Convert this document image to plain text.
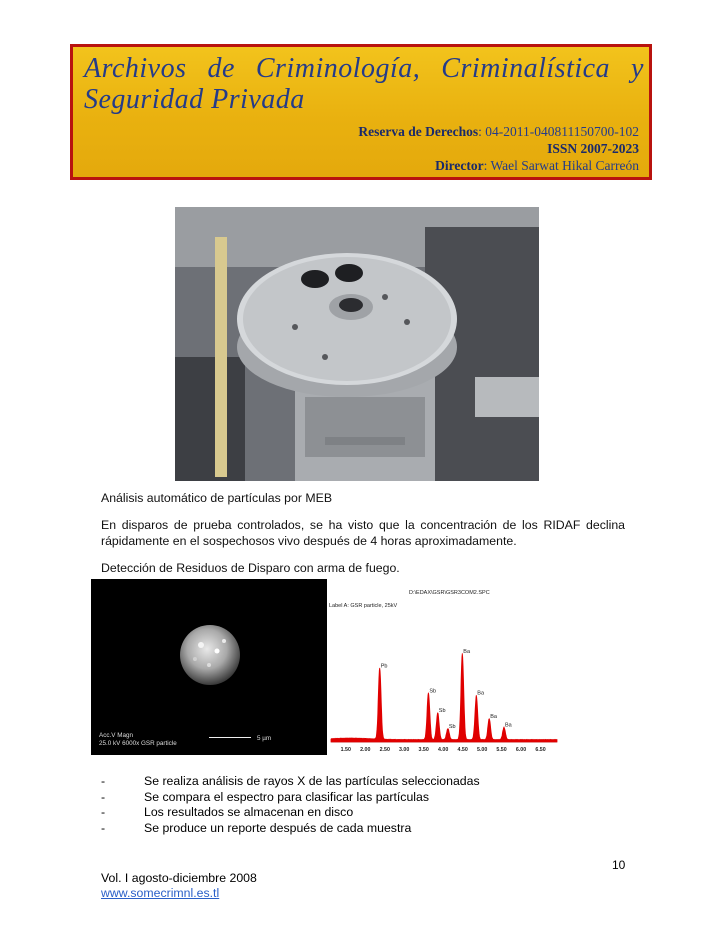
Archivos de Criminología, Criminalística y
Seguridad Privada
Reserva de Derechos: 04-2011-040811150700-102
ISSN 2007-2023
Director: Wael Sarwat Hikal Carreón
Análisis automático de partículas por MEB
En disparos de prueba controlados, se ha visto que la concentración de los RIDAF declina rápidamente en el sospechosos vivo después de 4 horas aproximadamente.
Detección de Residuos de Disparo con arma de fuego.
Acc.V Magn
25.0 kV 6000x GSR particle
5 µm
D:\EDAX\GSR\GSR3COM2.SPC
Label A: GSR particle, 25kV
Pb
Sb
Sb
Sb
Ba
Ba
Ba
Ba
1.50 2.00 2.50 3.00 3.50 4.00 4.50 5.00 5.50 6.00 6.50
-	Se realiza análisis de rayos X de las partículas seleccionadas
-	Se compara el espectro para clasificar las partículas
-	Los resultados se almacenan en disco
-	Se produce un reporte después de cada muestra
10
Vol. I agosto-diciembre 2008
www.somecrimnl.es.tl
